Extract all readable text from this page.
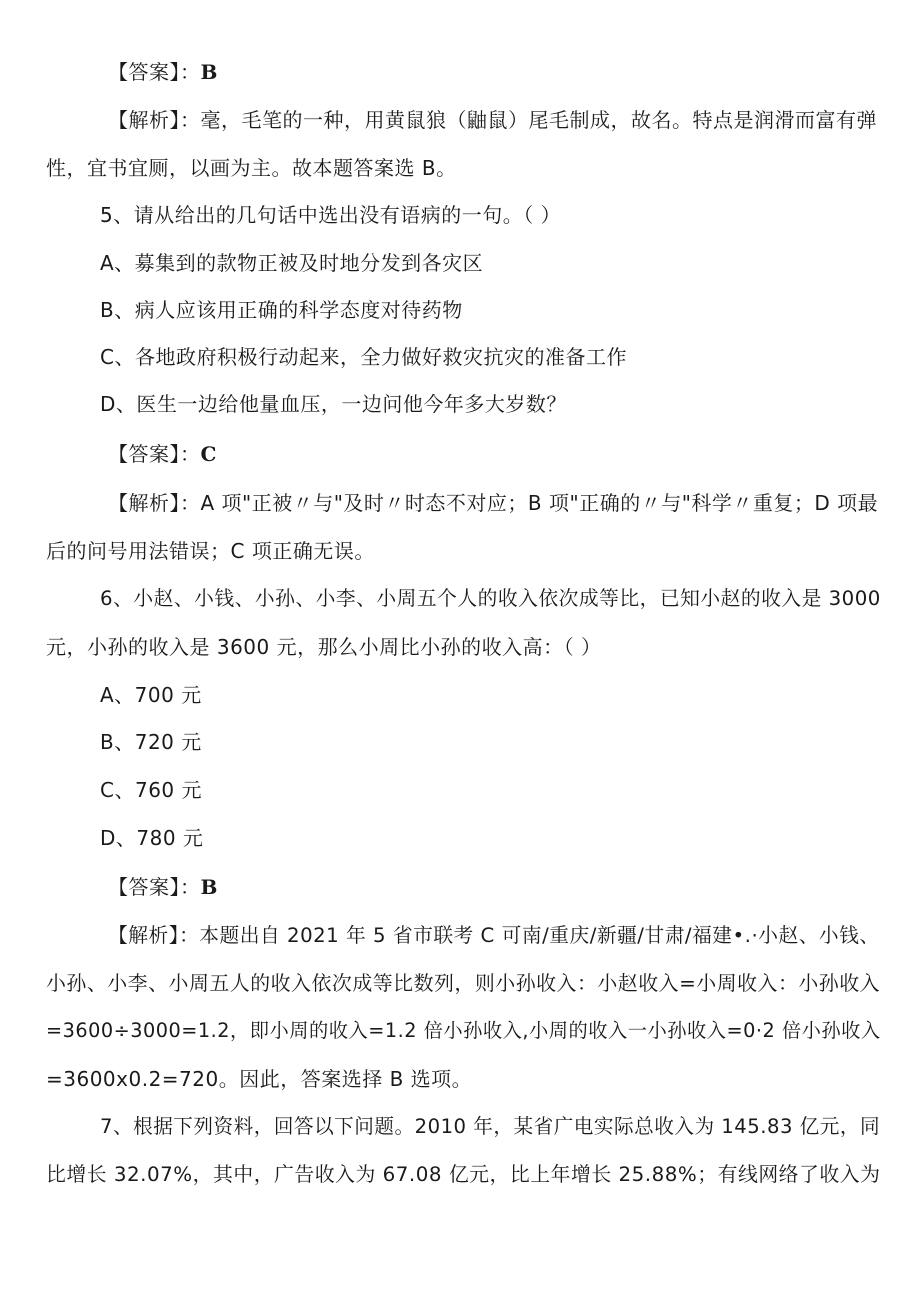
【答案】：B
【解析】：毫，毛笔的一种，用黄鼠狼（鼬鼠）尾毛制成，故名。特点是润滑而富有弹
性，宜书宜厕，以画为主。故本题答案选 B。
5、请从给出的几句话中选出没有语病的一句。（ ）
A、募集到的款物正被及时地分发到各灾区
B、病人应该用正确的科学态度对待药物
C、各地政府积极行动起来，全力做好救灾抗灾的准备工作
D、医生一边给他量血压，一边问他今年多大岁数？
【答案】：C
【解析】：A 项"正被〃与"及时〃时态不对应；B 项"正确的〃与"科学〃重复；D 项最
后的问号用法错误；C 项正确无误。
6、小赵、小钱、小孙、小李、小周五个人的收入依次成等比，已知小赵的收入是 3000
元，小孙的收入是 3600 元，那么小周比小孙的收入高：（ ）
A、700 元
B、720 元
C、760 元
D、780 元
【答案】：B
【解析】：本题出自 2021 年 5 省市联考 C 可南/重庆/新疆/甘肃/福建•.·小赵、小钱、
小孙、小李、小周五人的收入依次成等比数列，则小孙收入：小赵收入=小周收入：小孙收入
=3600÷3000=1.2，即小周的收入=1.2 倍小孙收入,小周的收入一小孙收入=0·2 倍小孙收入
=3600x0.2=720。因此，答案选择 B 选项。
7、根据下列资料，回答以下问题。2010 年，某省广电实际总收入为 145.83 亿元，同
比增长 32.07%，其中，广告收入为 67.08 亿元，比上年增长 25.88%；有线网络了收入为
